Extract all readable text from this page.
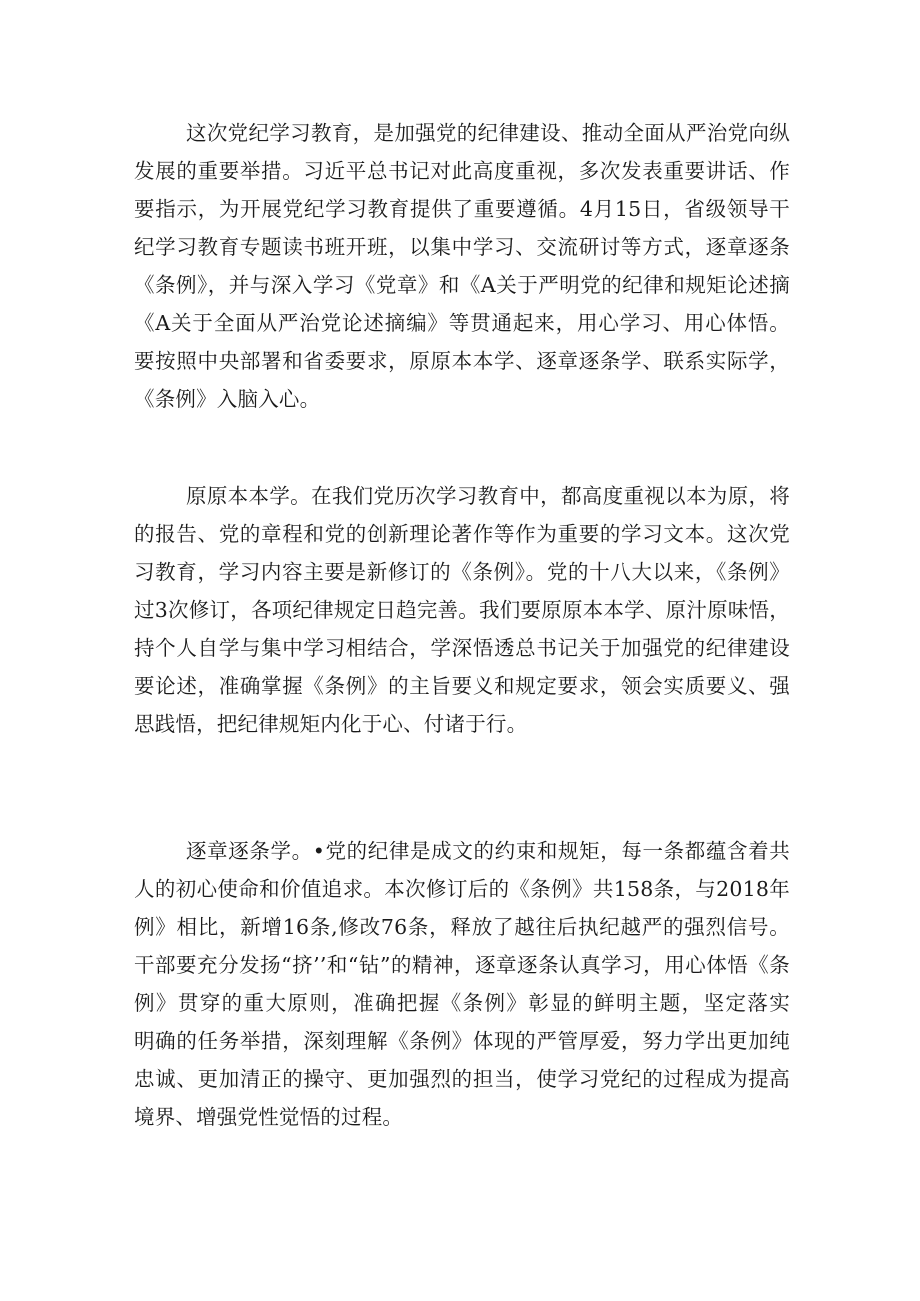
这次党纪学习教育，是加强党的纪律建设、推动全面从严治党向纵
发展的重要举措。习近平总书记对此高度重视，多次发表重要讲话、作
要指示，为开展党纪学习教育提供了重要遵循。4月15日，省级领导干
纪学习教育专题读书班开班，以集中学习、交流研讨等方式，逐章逐条
《条例》，并与深入学习《党章》和《A关于严明党的纪律和规矩论述摘
《A关于全面从严治党论述摘编》等贯通起来，用心学习、用心体悟。
要按照中央部署和省委要求，原原本本学、逐章逐条学、联系实际学，
《条例》入脑入心。
原原本本学。在我们党历次学习教育中，都高度重视以本为原，将
的报告、党的章程和党的创新理论著作等作为重要的学习文本。这次党
习教育，学习内容主要是新修订的《条例》。党的十八大以来，《条例》
过3次修订，各项纪律规定日趋完善。我们要原原本本学、原汁原味悟，
持个人自学与集中学习相结合，学深悟透总书记关于加强党的纪律建设
要论述，准确掌握《条例》的主旨要义和规定要求，领会实质要义、强
思践悟，把纪律规矩内化于心、付诸于行。
逐章逐条学。•党的纪律是成文的约束和规矩，每一条都蕴含着共
人的初心使命和价值追求。本次修订后的《条例》共158条，与2018年
例》相比，新增16条,修改76条，释放了越往后执纪越严的强烈信号。
干部要充分发扬“挤’’和“钻”的精神，逐章逐条认真学习，用心体悟《条
例》贯穿的重大原则，准确把握《条例》彰显的鲜明主题，坚定落实
明确的任务举措，深刻理解《条例》体现的严管厚爱，努力学出更加纯
忠诚、更加清正的操守、更加强烈的担当，使学习党纪的过程成为提高
境界、增强党性觉悟的过程。
